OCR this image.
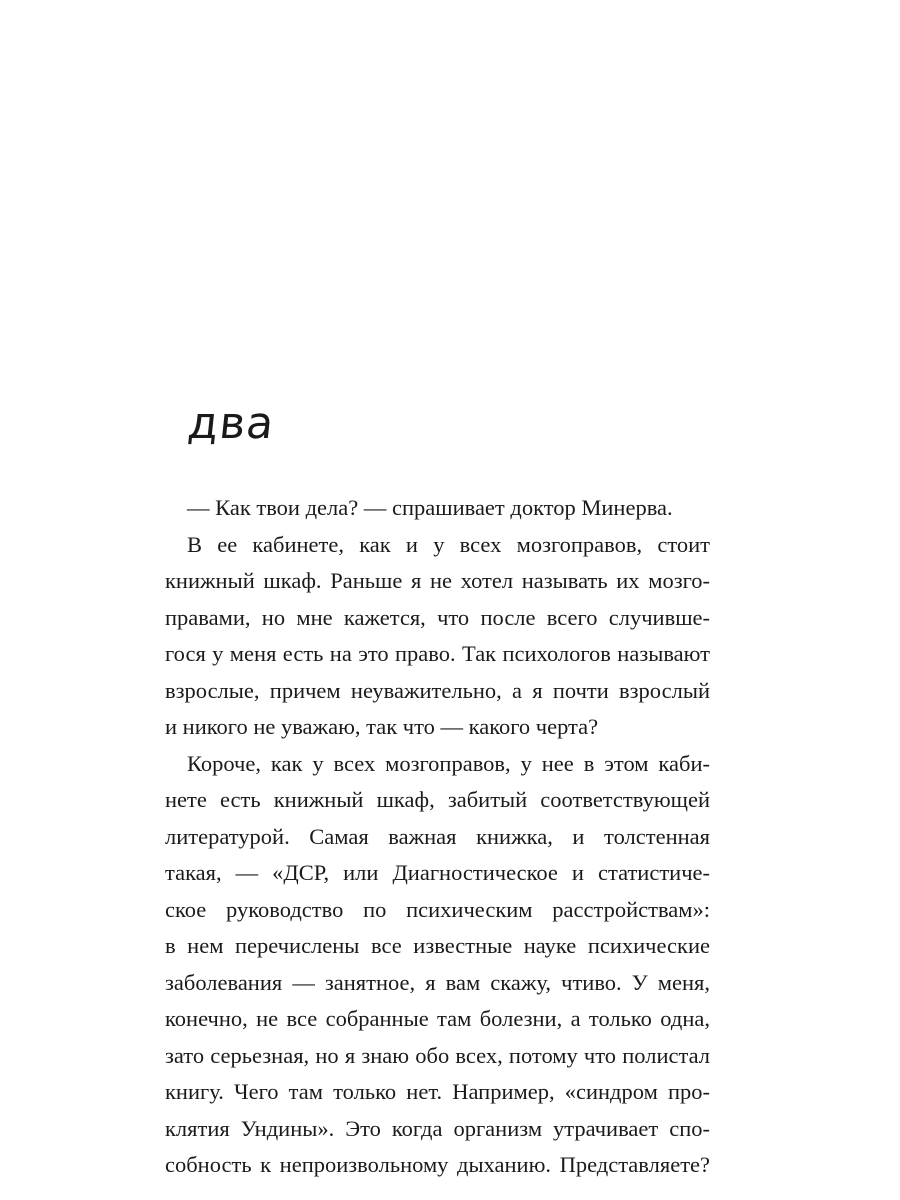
два
— Как твои дела? — спрашивает доктор Минерва.
В ее кабинете, как и у всех мозгоправов, стоит
книжный шкаф. Раньше я не хотел называть их мозго-
правами, но мне кажется, что после всего случивше-
гося у меня есть на это право. Так психологов называют
взрослые, причем неуважительно, а я почти взрослый
и никого не уважаю, так что — какого черта?
Короче, как у всех мозгоправов, у нее в этом каби-
нете есть книжный шкаф, забитый соответствующей
литературой. Самая важная книжка, и толстенная
такая, — «ДСР, или Диагностическое и статистиче-
ское руководство по психическим расстройствам»:
в нем перечислены все известные науке психические
заболевания — занятное, я вам скажу, чтиво. У меня,
конечно, не все собранные там болезни, а только одна,
зато серьезная, но я знаю обо всех, потому что полистал
книгу. Чего там только нет. Например, «синдром про-
клятия Ундины». Это когда организм утрачивает спо-
собность к непроизвольному дыханию. Представляете?
